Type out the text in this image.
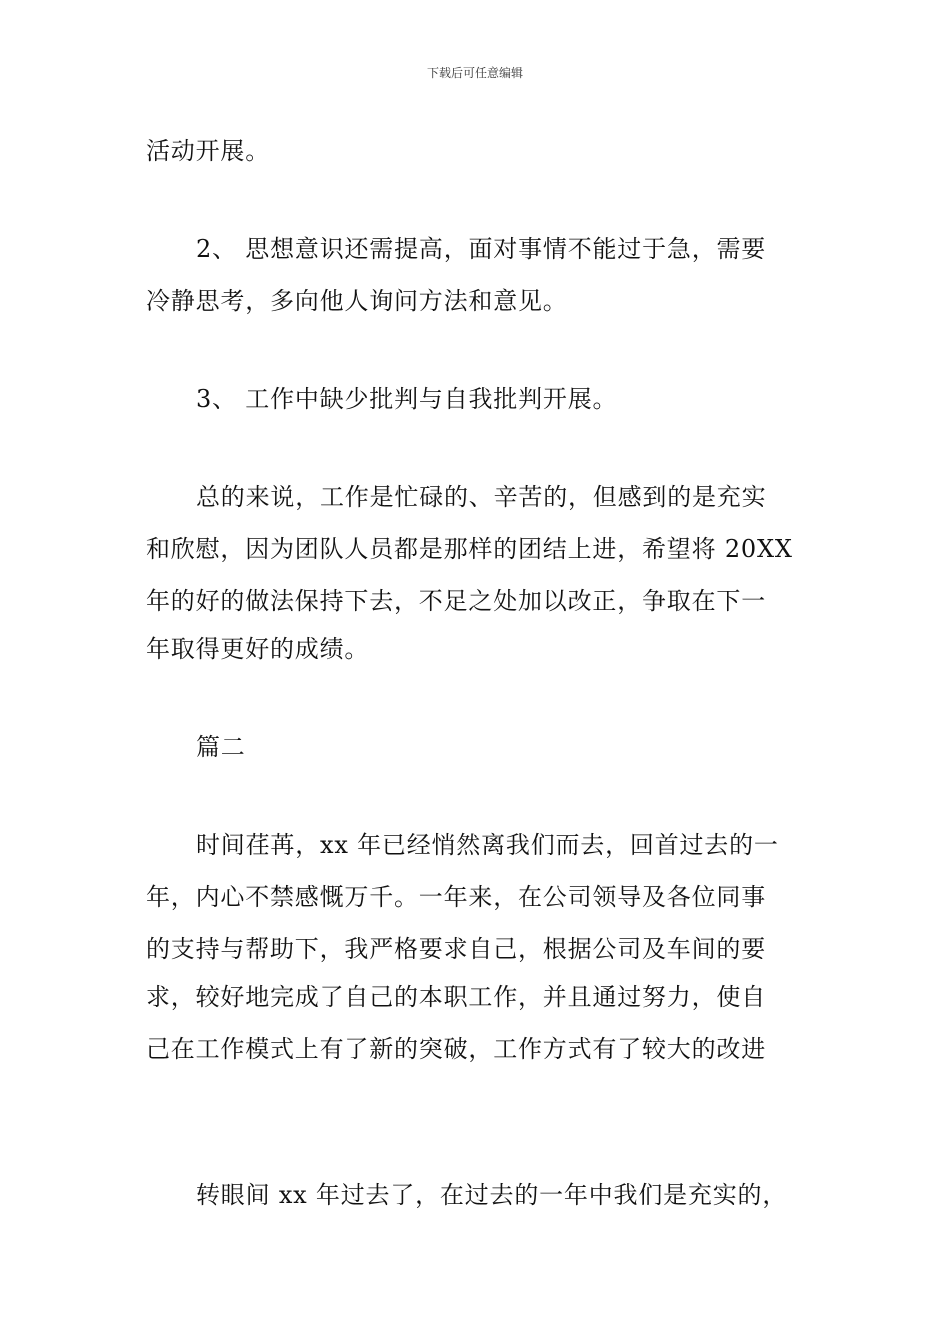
下载后可任意编辑
活动开展。
2、 思想意识还需提高，面对事情不能过于急，需要
冷静思考，多向他人询问方法和意见。
3、 工作中缺少批判与自我批判开展。
总的来说，工作是忙碌的、辛苦的，但感到的是充实
和欣慰，因为团队人员都是那样的团结上进，希望将 20XX
年的好的做法保持下去，不足之处加以改正，争取在下一
年取得更好的成绩。
篇二
时间荏苒，xx 年已经悄然离我们而去，回首过去的一
年，内心不禁感慨万千。一年来，在公司领导及各位同事
的支持与帮助下，我严格要求自己，根据公司及车间的要
求，较好地完成了自己的本职工作，并且通过努力，使自
己在工作模式上有了新的突破，工作方式有了较大的改进
转眼间 xx 年过去了，在过去的一年中我们是充实的，
